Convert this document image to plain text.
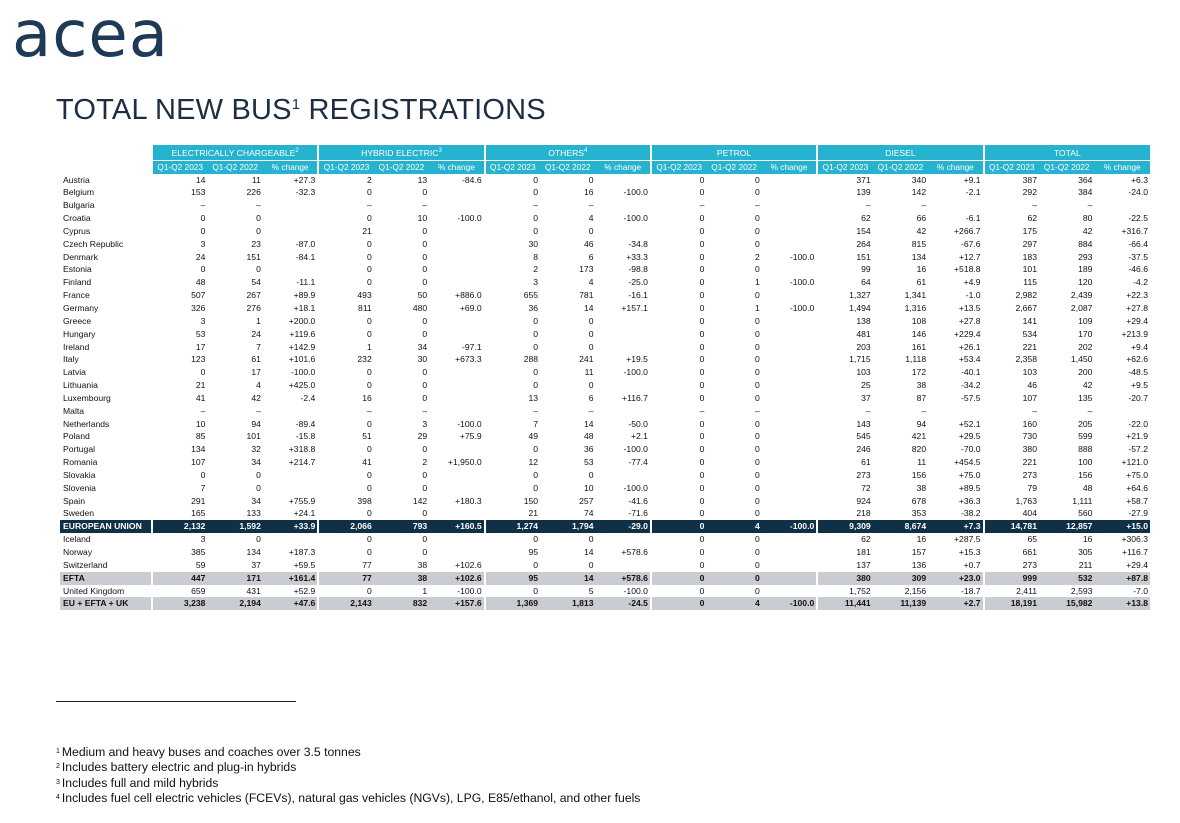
acea
TOTAL NEW BUS$^1$ REGISTRATIONS
	ELECTRICALLY CHARGEABLE$^2$			HYBRID ELECTRIC$^3$			OTHERS$^4$			PETROL			DIESEL			TOTAL		
	Q1-Q2 2023	Q1-Q2 2022	% change	Q1-Q2 2023	Q1-Q2 2022	% change	Q1-Q2 2023	Q1-Q2 2022	% change	Q1-Q2 2023	Q1-Q2 2022	% change	Q1-Q2 2023	Q1-Q2 2022	% change	Q1-Q2 2023	Q1-Q2 2022	% change
Austria	14	11	+27.3	2	13	-84.6	0	0		0	0		371	340	+9.1	387	364	+6.3
Belgium	153	226	-32.3	0	0		0	16	-100.0	0	0		139	142	-2.1	292	384	-24.0
Bulgaria	–	–		–	–		–	–		–	–		–	–		–	–	
Croatia	0	0		0	10	-100.0	0	4	-100.0	0	0		62	66	-6.1	62	80	-22.5
Cyprus	0	0		21	0		0	0		0	0		154	42	+266.7	175	42	+316.7
Czech Republic	3	23	-87.0	0	0		30	46	-34.8	0	0		264	815	-67.6	297	884	-66.4
Denmark	24	151	-84.1	0	0		8	6	+33.3	0	2	-100.0	151	134	+12.7	183	293	-37.5
Estonia	0	0		0	0		2	173	-98.8	0	0		99	16	+518.8	101	189	-46.6
Finland	48	54	-11.1	0	0		3	4	-25.0	0	1	-100.0	64	61	+4.9	115	120	-4.2
France	507	267	+89.9	493	50	+886.0	655	781	-16.1	0	0		1,327	1,341	-1.0	2,982	2,439	+22.3
Germany	326	276	+18.1	811	480	+69.0	36	14	+157.1	0	1	-100.0	1,494	1,316	+13.5	2,667	2,087	+27.8
Greece	3	1	+200.0	0	0		0	0		0	0		138	108	+27.8	141	109	+29.4
Hungary	53	24	+119.6	0	0		0	0		0	0		481	146	+229.4	534	170	+213.9
Ireland	17	7	+142.9	1	34	-97.1	0	0		0	0		203	161	+26.1	221	202	+9.4
Italy	123	61	+101.6	232	30	+673.3	288	241	+19.5	0	0		1,715	1,118	+53.4	2,358	1,450	+62.6
Latvia	0	17	-100.0	0	0		0	11	-100.0	0	0		103	172	-40.1	103	200	-48.5
Lithuania	21	4	+425.0	0	0		0	0		0	0		25	38	-34.2	46	42	+9.5
Luxembourg	41	42	-2.4	16	0		13	6	+116.7	0	0		37	87	-57.5	107	135	-20.7
Malta	–	–		–	–		–	–		–	–		–	–		–	–	
Netherlands	10	94	-89.4	0	3	-100.0	7	14	-50.0	0	0		143	94	+52.1	160	205	-22.0
Poland	85	101	-15.8	51	29	+75.9	49	48	+2.1	0	0		545	421	+29.5	730	599	+21.9
Portugal	134	32	+318.8	0	0		0	36	-100.0	0	0		246	820	-70.0	380	888	-57.2
Romania	107	34	+214.7	41	2	+1,950.0	12	53	-77.4	0	0		61	11	+454.5	221	100	+121.0
Slovakia	0	0		0	0		0	0		0	0		273	156	+75.0	273	156	+75.0
Slovenia	7	0		0	0		0	10	-100.0	0	0		72	38	+89.5	79	48	+64.6
Spain	291	34	+755.9	398	142	+180.3	150	257	-41.6	0	0		924	678	+36.3	1,763	1,111	+58.7
Sweden	165	133	+24.1	0	0		21	74	-71.6	0	0		218	353	-38.2	404	560	-27.9
EUROPEAN UNION	2,132	1,592	+33.9	2,066	793	+160.5	1,274	1,794	-29.0	0	4	-100.0	9,309	8,674	+7.3	14,781	12,857	+15.0
Iceland	3	0		0	0		0	0		0	0		62	16	+287.5	65	16	+306.3
Norway	385	134	+187.3	0	0		95	14	+578.6	0	0		181	157	+15.3	661	305	+116.7
Switzerland	59	37	+59.5	77	38	+102.6	0	0		0	0		137	136	+0.7	273	211	+29.4
EFTA	447	171	+161.4	77	38	+102.6	95	14	+578.6	0	0		380	309	+23.0	999	532	+87.8
United Kingdom	659	431	+52.9	0	1	-100.0	0	5	-100.0	0	0		1,752	2,156	-18.7	2,411	2,593	-7.0
EU + EFTA + UK	3,238	2,194	+47.6	2,143	832	+157.6	1,369	1,813	-24.5	0	4	-100.0	11,441	11,139	+2.7	18,191	15,982	+13.8
$^1$ Medium and heavy buses and coaches over 3.5 tonnes
$^2$ Includes battery electric and plug-in hybrids
$^3$ Includes full and mild hybrids
$^4$ Includes fuel cell electric vehicles (FCEVs), natural gas vehicles (NGVs), LPG, E85/ethanol, and other fuels
